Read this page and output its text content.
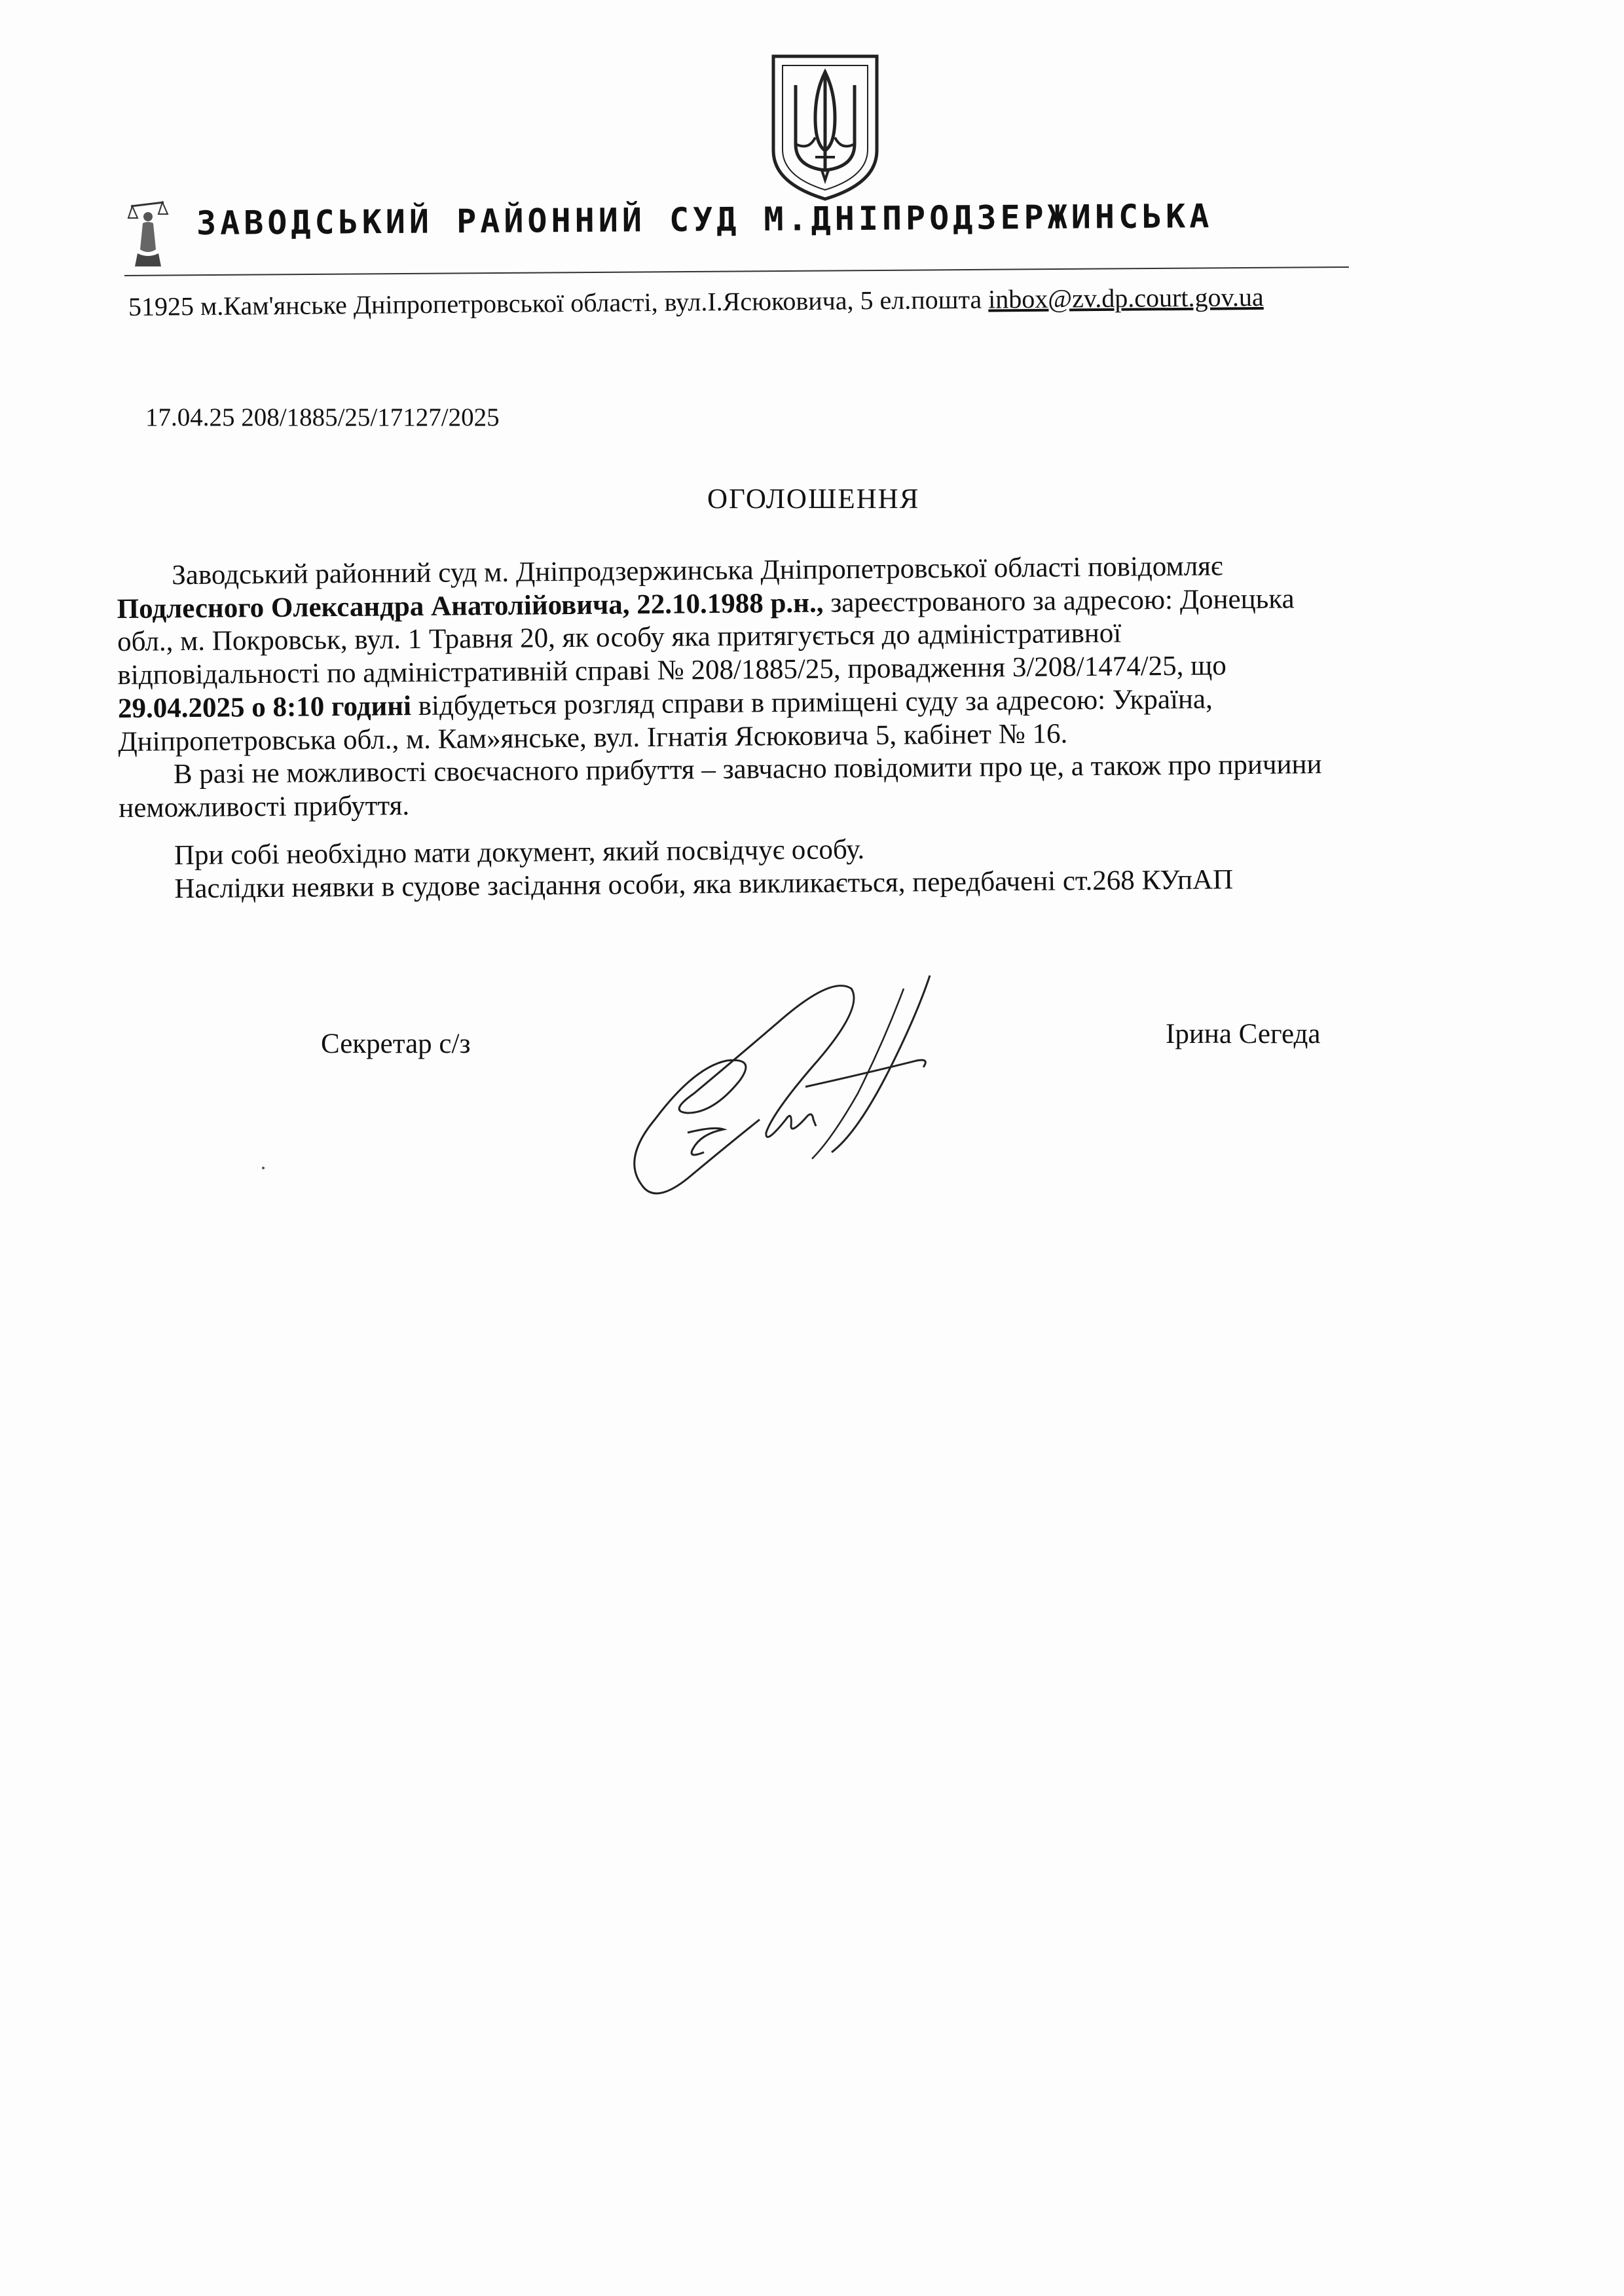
ЗАВОДСЬКИЙ РАЙОННИЙ СУД М.ДНІПРОДЗЕРЖИНСЬКА
51925 м.Кам'янське Дніпропетровської області, вул.І.Ясюковича, 5 ел.пошта inbox@zv.dp.court.gov.ua
17.04.25 208/1885/25/17127/2025
ОГОЛОШЕННЯ

Заводський районний суд м. Дніпродзержинська Дніпропетровської області повідомляє

Подлесного Олександра Анатолійовича, 22.10.1988 р.н., зареєстрованого за адресою: Донецька

обл., м. Покровськ, вул. 1 Травня 20, як особу яка притягується до адміністративної

відповідальності по адміністративній справі № 208/1885/25, провадження 3/208/1474/25, що

29.04.2025 о 8:10 годині відбудеться розгляд справи в приміщені суду за адресою: Україна,

Дніпропетровська обл., м. Кам»янське, вул. Ігнатія Ясюковича 5, кабінет № 16.

В разі не можливості своєчасного прибуття – завчасно повідомити про це, а також про причини

неможливості прибуття.

При собі необхідно мати документ, який посвідчує особу.

Наслідки неявки в судове засідання особи, яка викликається, передбачені ст.268 КУпАП

Секретар с/з	Ірина Сегеда
